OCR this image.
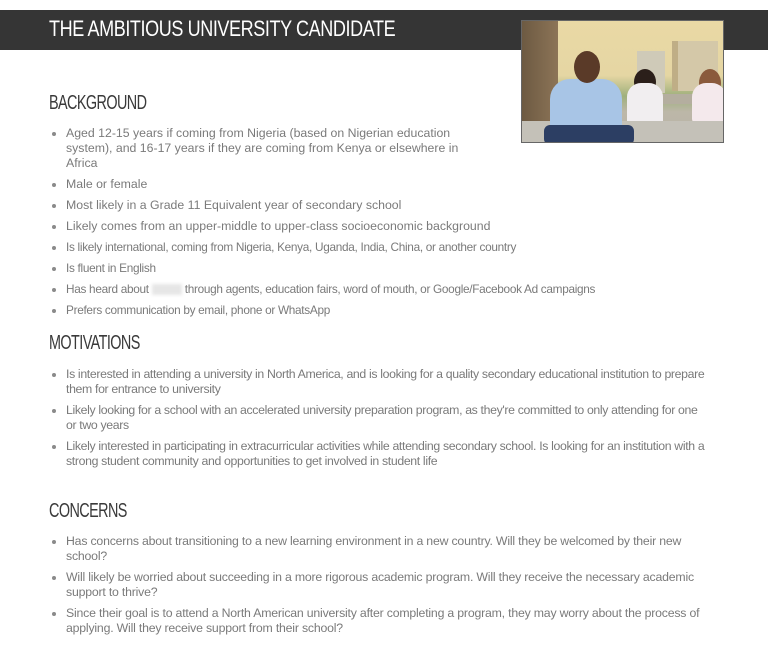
THE AMBITIOUS UNIVERSITY CANDIDATE
BACKGROUND
Aged 12-15 years if coming from Nigeria (based on Nigerian education system), and 16-17 years if they are coming from Kenya or elsewhere in Africa
Male or female
Most likely in a Grade 11 Equivalent year of secondary school
Likely comes from an upper-middle to upper-class socioeconomic background
Is likely international, coming from Nigeria, Kenya, Uganda, India, China, or another country
Is fluent in English
Has heard about	through agents, education fairs, word of mouth, or Google/Facebook Ad campaigns
Prefers communication by email, phone or WhatsApp
MOTIVATIONS
Is interested in attending a university in North America, and is looking for a quality secondary educational institution to prepare them for entrance to university
Likely looking for a school with an accelerated university preparation program, as they're committed to only attending for one or two years
Likely interested in participating in extracurricular activities while attending secondary school. Is looking for an institution with a strong student community and opportunities to get involved in student life
CONCERNS
Has concerns about transitioning to a new learning environment in a new country. Will they be welcomed by their new school?
Will likely be worried about succeeding in a more rigorous academic program. Will they receive the necessary academic support to thrive?
Since their goal is to attend a North American university after completing a program, they may worry about the process of applying. Will they receive support from their school?
